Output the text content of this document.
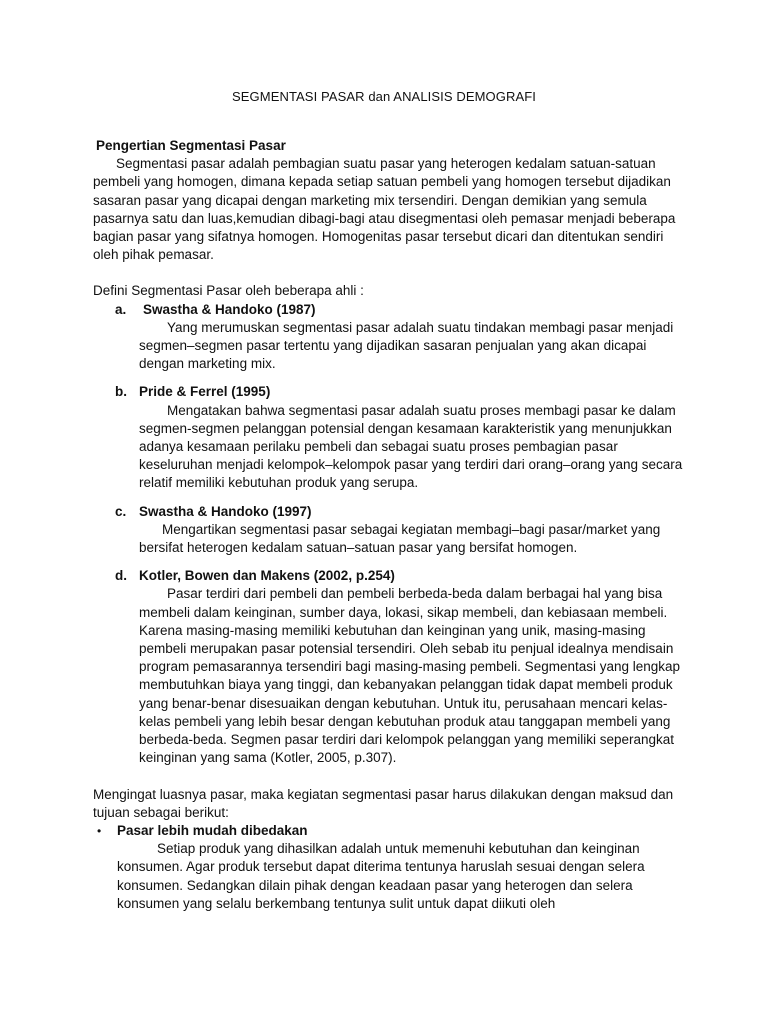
SEGMENTASI PASAR dan ANALISIS DEMOGRAFI

Pengertian Segmentasi Pasar

Segmentasi pasar adalah pembagian suatu pasar yang heterogen kedalam satuan-satuan pembeli yang homogen, dimana kepada setiap satuan pembeli yang homogen tersebut dijadikan sasaran pasar yang dicapai dengan marketing mix tersendiri. Dengan demikian yang semula pasarnya satu dan luas,kemudian dibagi-bagi atau disegmentasi oleh pemasar menjadi beberapa bagian pasar yang sifatnya homogen. Homogenitas pasar tersebut dicari dan ditentukan sendiri oleh pihak pemasar.

Defini Segmentasi Pasar oleh beberapa ahli :

a. Swastha & Handoko (1987)
Yang merumuskan segmentasi pasar adalah suatu tindakan membagi pasar menjadi segmen–segmen pasar tertentu yang dijadikan sasaran penjualan yang akan dicapai dengan marketing mix.
b. Pride & Ferrel (1995)
Mengatakan bahwa segmentasi pasar adalah suatu proses membagi pasar ke dalam segmen-segmen pelanggan potensial dengan kesamaan karakteristik yang menunjukkan adanya kesamaan perilaku pembeli dan sebagai suatu proses pembagian pasar keseluruhan menjadi kelompok–kelompok pasar yang terdiri dari orang–orang yang secara relatif memiliki kebutuhan produk yang serupa.
c. Swastha & Handoko (1997)
Mengartikan segmentasi pasar sebagai kegiatan membagi–bagi pasar/market yang bersifat heterogen kedalam satuan–satuan pasar yang bersifat homogen.
d. Kotler, Bowen dan Makens (2002, p.254)
Pasar terdiri dari pembeli dan pembeli berbeda-beda dalam berbagai hal yang bisa membeli dalam keinginan, sumber daya, lokasi, sikap membeli, dan kebiasaan membeli. Karena masing-masing memiliki kebutuhan dan keinginan yang unik, masing-masing pembeli merupakan pasar potensial tersendiri. Oleh sebab itu penjual idealnya mendisain program pemasarannya tersendiri bagi masing-masing pembeli. Segmentasi yang lengkap membutuhkan biaya yang tinggi, dan kebanyakan pelanggan tidak dapat membeli produk yang benar-benar disesuaikan dengan kebutuhan. Untuk itu, perusahaan mencari kelas-kelas pembeli yang lebih besar dengan kebutuhan produk atau tanggapan membeli yang berbeda-beda. Segmen pasar terdiri dari kelompok pelanggan yang memiliki seperangkat keinginan yang sama (Kotler, 2005, p.307).

Mengingat luasnya pasar, maka kegiatan segmentasi pasar harus dilakukan dengan maksud dan tujuan sebagai berikut:

• Pasar lebih mudah dibedakan
Setiap produk yang dihasilkan adalah untuk memenuhi kebutuhan dan keinginan konsumen. Agar produk tersebut dapat diterima tentunya haruslah sesuai dengan selera konsumen. Sedangkan dilain pihak dengan keadaan pasar yang heterogen dan selera konsumen yang selalu berkembang tentunya sulit untuk dapat diikuti oleh
